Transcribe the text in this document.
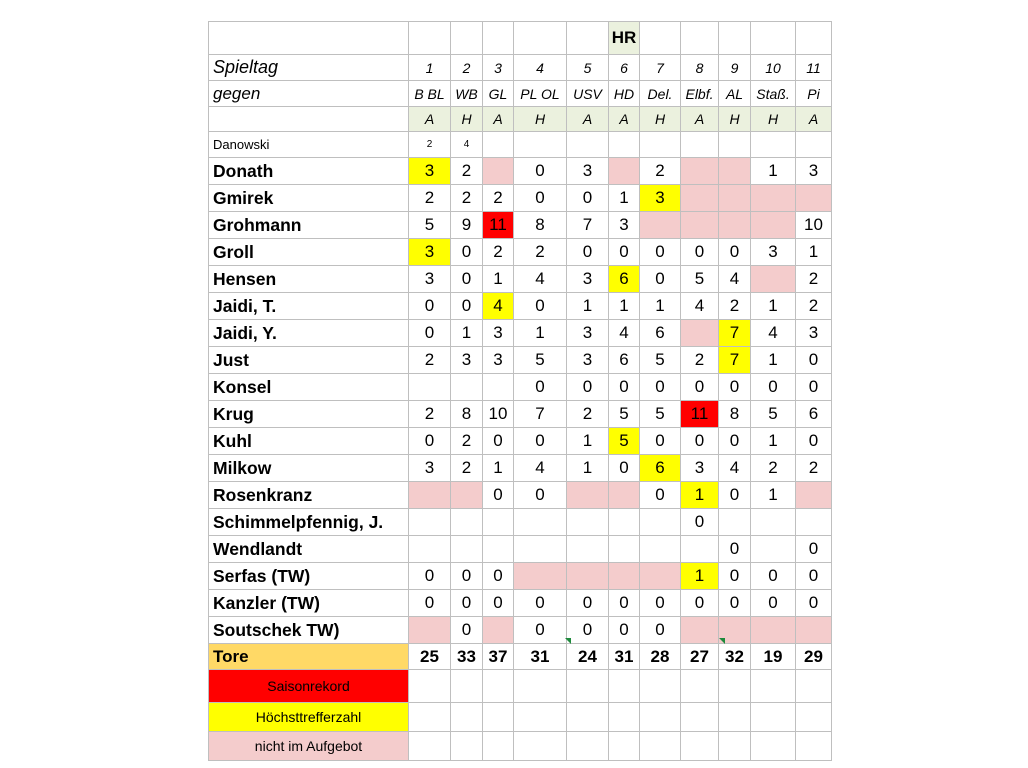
						HR					
Spieltag	1	2	3	4	5	6	7	8	9	10	11
gegen	B BL	WB	GL	PL OL	USV	HD	Del.	Elbf.	AL	Staß.	Pi
	A	H	A	H	A	A	H	A	H	H	A
Danowski	2	4									
Donath	3	2		0	3		2			1	3
Gmirek	2	2	2	0	0	1	3				
Grohmann	5	9	11	8	7	3					10
Groll	3	0	2	2	0	0	0	0	0	3	1
Hensen	3	0	1	4	3	6	0	5	4		2
Jaidi, T.	0	0	4	0	1	1	1	4	2	1	2
Jaidi, Y.	0	1	3	1	3	4	6		7	4	3
Just	2	3	3	5	3	6	5	2	7	1	0
Konsel				0	0	0	0	0	0	0	0
Krug	2	8	10	7	2	5	5	11	8	5	6
Kuhl	0	2	0	0	1	5	0	0	0	1	0
Milkow	3	2	1	4	1	0	6	3	4	2	2
Rosenkranz			0	0			0	1	0	1	
Schimmelpfennig, J.								0			
Wendlandt									0		0
Serfas (TW)	0	0	0					1	0	0	0
Kanzler (TW)	0	0	0	0	0	0	0	0	0	0	0
Soutschek TW)		0		0	0	0	0				
Tore	25	33	37	31	24	31	28	27	32	19	29
Saisonrekord											
Höchsttrefferzahl											
nicht im Aufgebot											
